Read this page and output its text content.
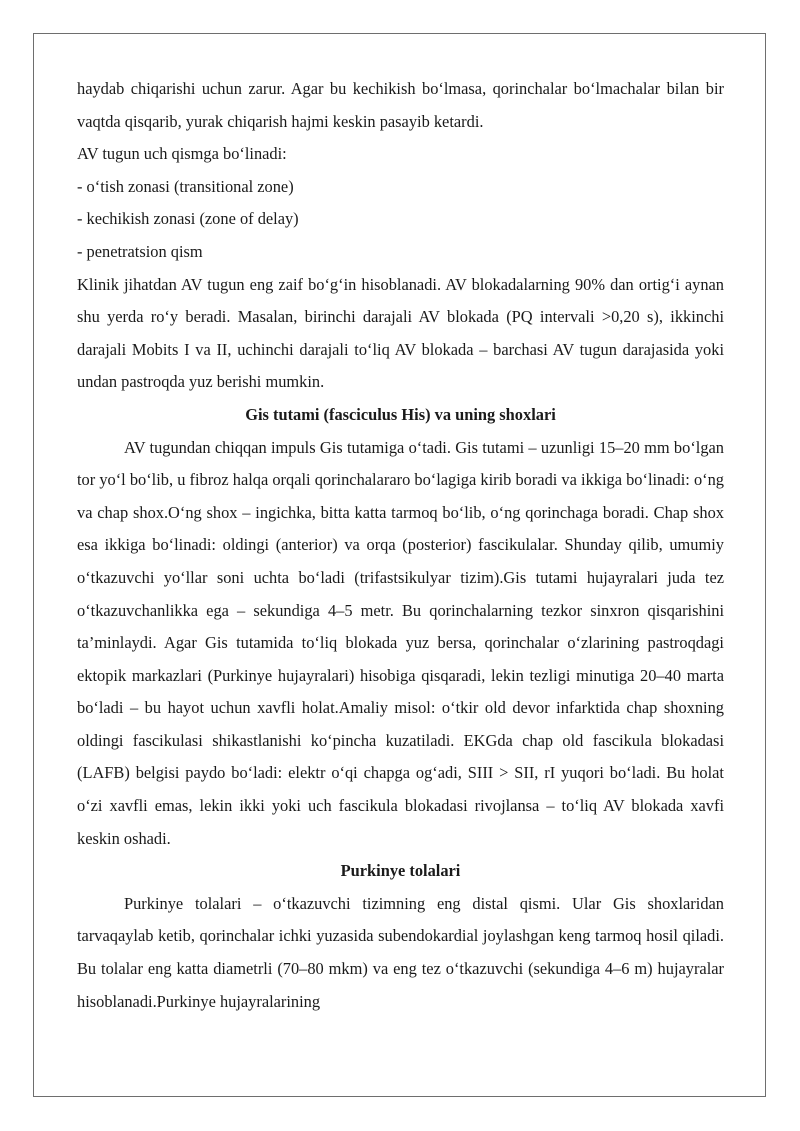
haydab chiqarishi uchun zarur. Agar bu kechikish bo‘lmasa, qorinchalar bo‘lmachalar bilan bir vaqtda qisqarib, yurak chiqarish hajmi keskin pasayib ketardi.

AV tugun uch qismga bo‘linadi:

- o‘tish zonasi (transitional zone)

- kechikish zonasi (zone of delay)

- penetratsion qism

Klinik jihatdan AV tugun eng zaif bo‘g‘in hisoblanadi. AV blokadalarning 90% dan ortig‘i aynan shu yerda ro‘y beradi. Masalan, birinchi darajali AV blokada (PQ intervali >0,20 s), ikkinchi darajali Mobits I va II, uchinchi darajali to‘liq AV blokada – barchasi AV tugun darajasida yoki undan pastroqda yuz berishi mumkin.

Gis tutami (fasciculus His) va uning shoxlari

AV tugundan chiqqan impuls Gis tutamiga o‘tadi. Gis tutami – uzunligi 15–20 mm bo‘lgan tor yo‘l bo‘lib, u fibroz halqa orqali qorinchalararo bo‘lagiga kirib boradi va ikkiga bo‘linadi: o‘ng va chap shox.O‘ng shox – ingichka, bitta katta tarmoq bo‘lib, o‘ng qorinchaga boradi. Chap shox esa ikkiga bo‘linadi: oldingi (anterior) va orqa (posterior) fascikulalar. Shunday qilib, umumiy o‘tkazuvchi yo‘llar soni uchta bo‘ladi (trifastsikulyar tizim).Gis tutami hujayralari juda tez o‘tkazuvchanlikka ega – sekundiga 4–5 metr. Bu qorinchalarning tezkor sinxron qisqarishini ta’minlaydi. Agar Gis tutamida to‘liq blokada yuz bersa, qorinchalar o‘zlarining pastroqdagi ektopik markazlari (Purkinye hujayralari) hisobiga qisqaradi, lekin tezligi minutiga 20–40 marta bo‘ladi – bu hayot uchun xavfli holat.Amaliy misol: o‘tkir old devor infarktida chap shoxning oldingi fascikulasi shikastlanishi ko‘pincha kuzatiladi. EKGda chap old fascikula blokadasi (LAFB) belgisi paydo bo‘ladi: elektr o‘qi chapga og‘adi, SIII > SII, rI yuqori bo‘ladi. Bu holat o‘zi xavfli emas, lekin ikki yoki uch fascikula blokadasi rivojlansa – to‘liq AV blokada xavfi keskin oshadi.

Purkinye tolalari

Purkinye tolalari – o‘tkazuvchi tizimning eng distal qismi. Ular Gis shoxlaridan tarvaqaylab ketib, qorinchalar ichki yuzasida subendokardial joylashgan keng tarmoq hosil qiladi. Bu tolalar eng katta diametrli (70–80 mkm) va eng tez o‘tkazuvchi (sekundiga 4–6 m) hujayralar hisoblanadi.Purkinye hujayralarining
